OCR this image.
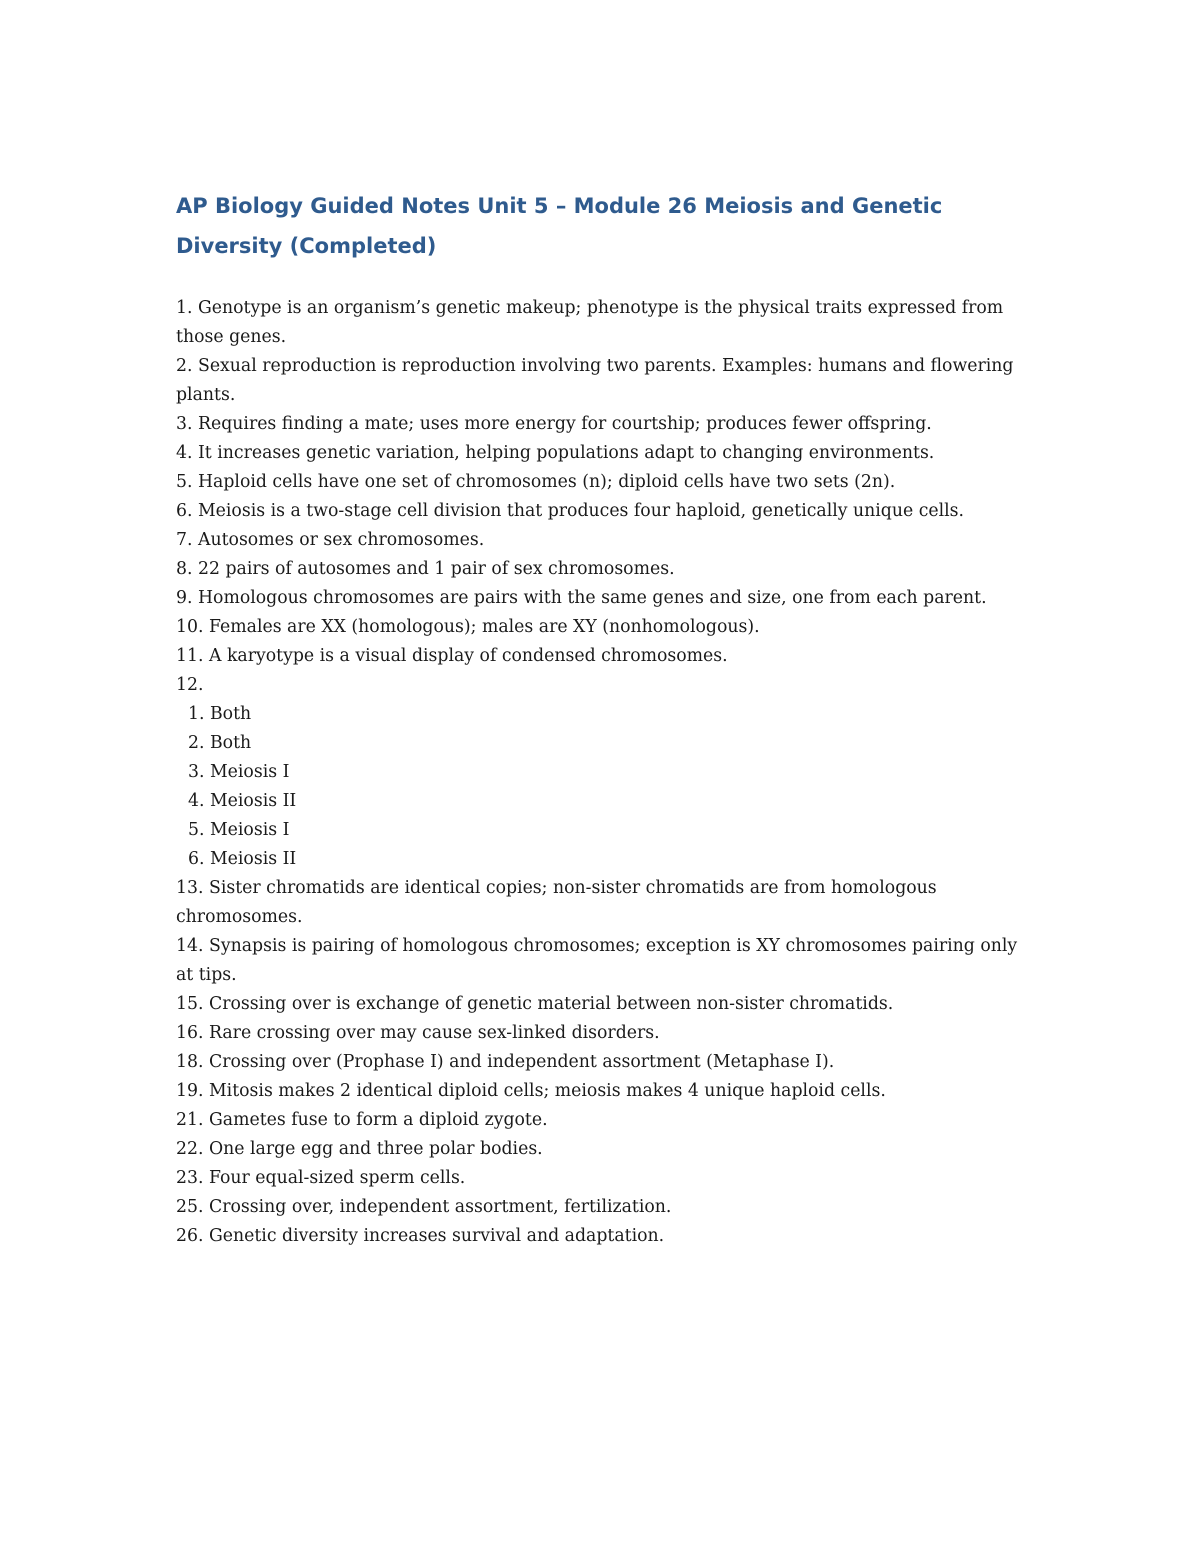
AP Biology Guided Notes Unit 5 – Module 26 Meiosis and Genetic Diversity (Completed)
1. Genotype is an organism’s genetic makeup; phenotype is the physical traits expressed from those genes.
2. Sexual reproduction is reproduction involving two parents. Examples: humans and flowering plants.
3. Requires finding a mate; uses more energy for courtship; produces fewer offspring.
4. It increases genetic variation, helping populations adapt to changing environments.
5. Haploid cells have one set of chromosomes (n); diploid cells have two sets (2n).
6. Meiosis is a two-stage cell division that produces four haploid, genetically unique cells.
7. Autosomes or sex chromosomes.
8. 22 pairs of autosomes and 1 pair of sex chromosomes.
9. Homologous chromosomes are pairs with the same genes and size, one from each parent.
10. Females are XX (homologous); males are XY (nonhomologous).
11. A karyotype is a visual display of condensed chromosomes.
12.
1. Both
2. Both
3. Meiosis I
4. Meiosis II
5. Meiosis I
6. Meiosis II
13. Sister chromatids are identical copies; non-sister chromatids are from homologous chromosomes.
14. Synapsis is pairing of homologous chromosomes; exception is XY chromosomes pairing only at tips.
15. Crossing over is exchange of genetic material between non-sister chromatids.
16. Rare crossing over may cause sex-linked disorders.
18. Crossing over (Prophase I) and independent assortment (Metaphase I).
19. Mitosis makes 2 identical diploid cells; meiosis makes 4 unique haploid cells.
21. Gametes fuse to form a diploid zygote.
22. One large egg and three polar bodies.
23. Four equal-sized sperm cells.
25. Crossing over, independent assortment, fertilization.
26. Genetic diversity increases survival and adaptation.
